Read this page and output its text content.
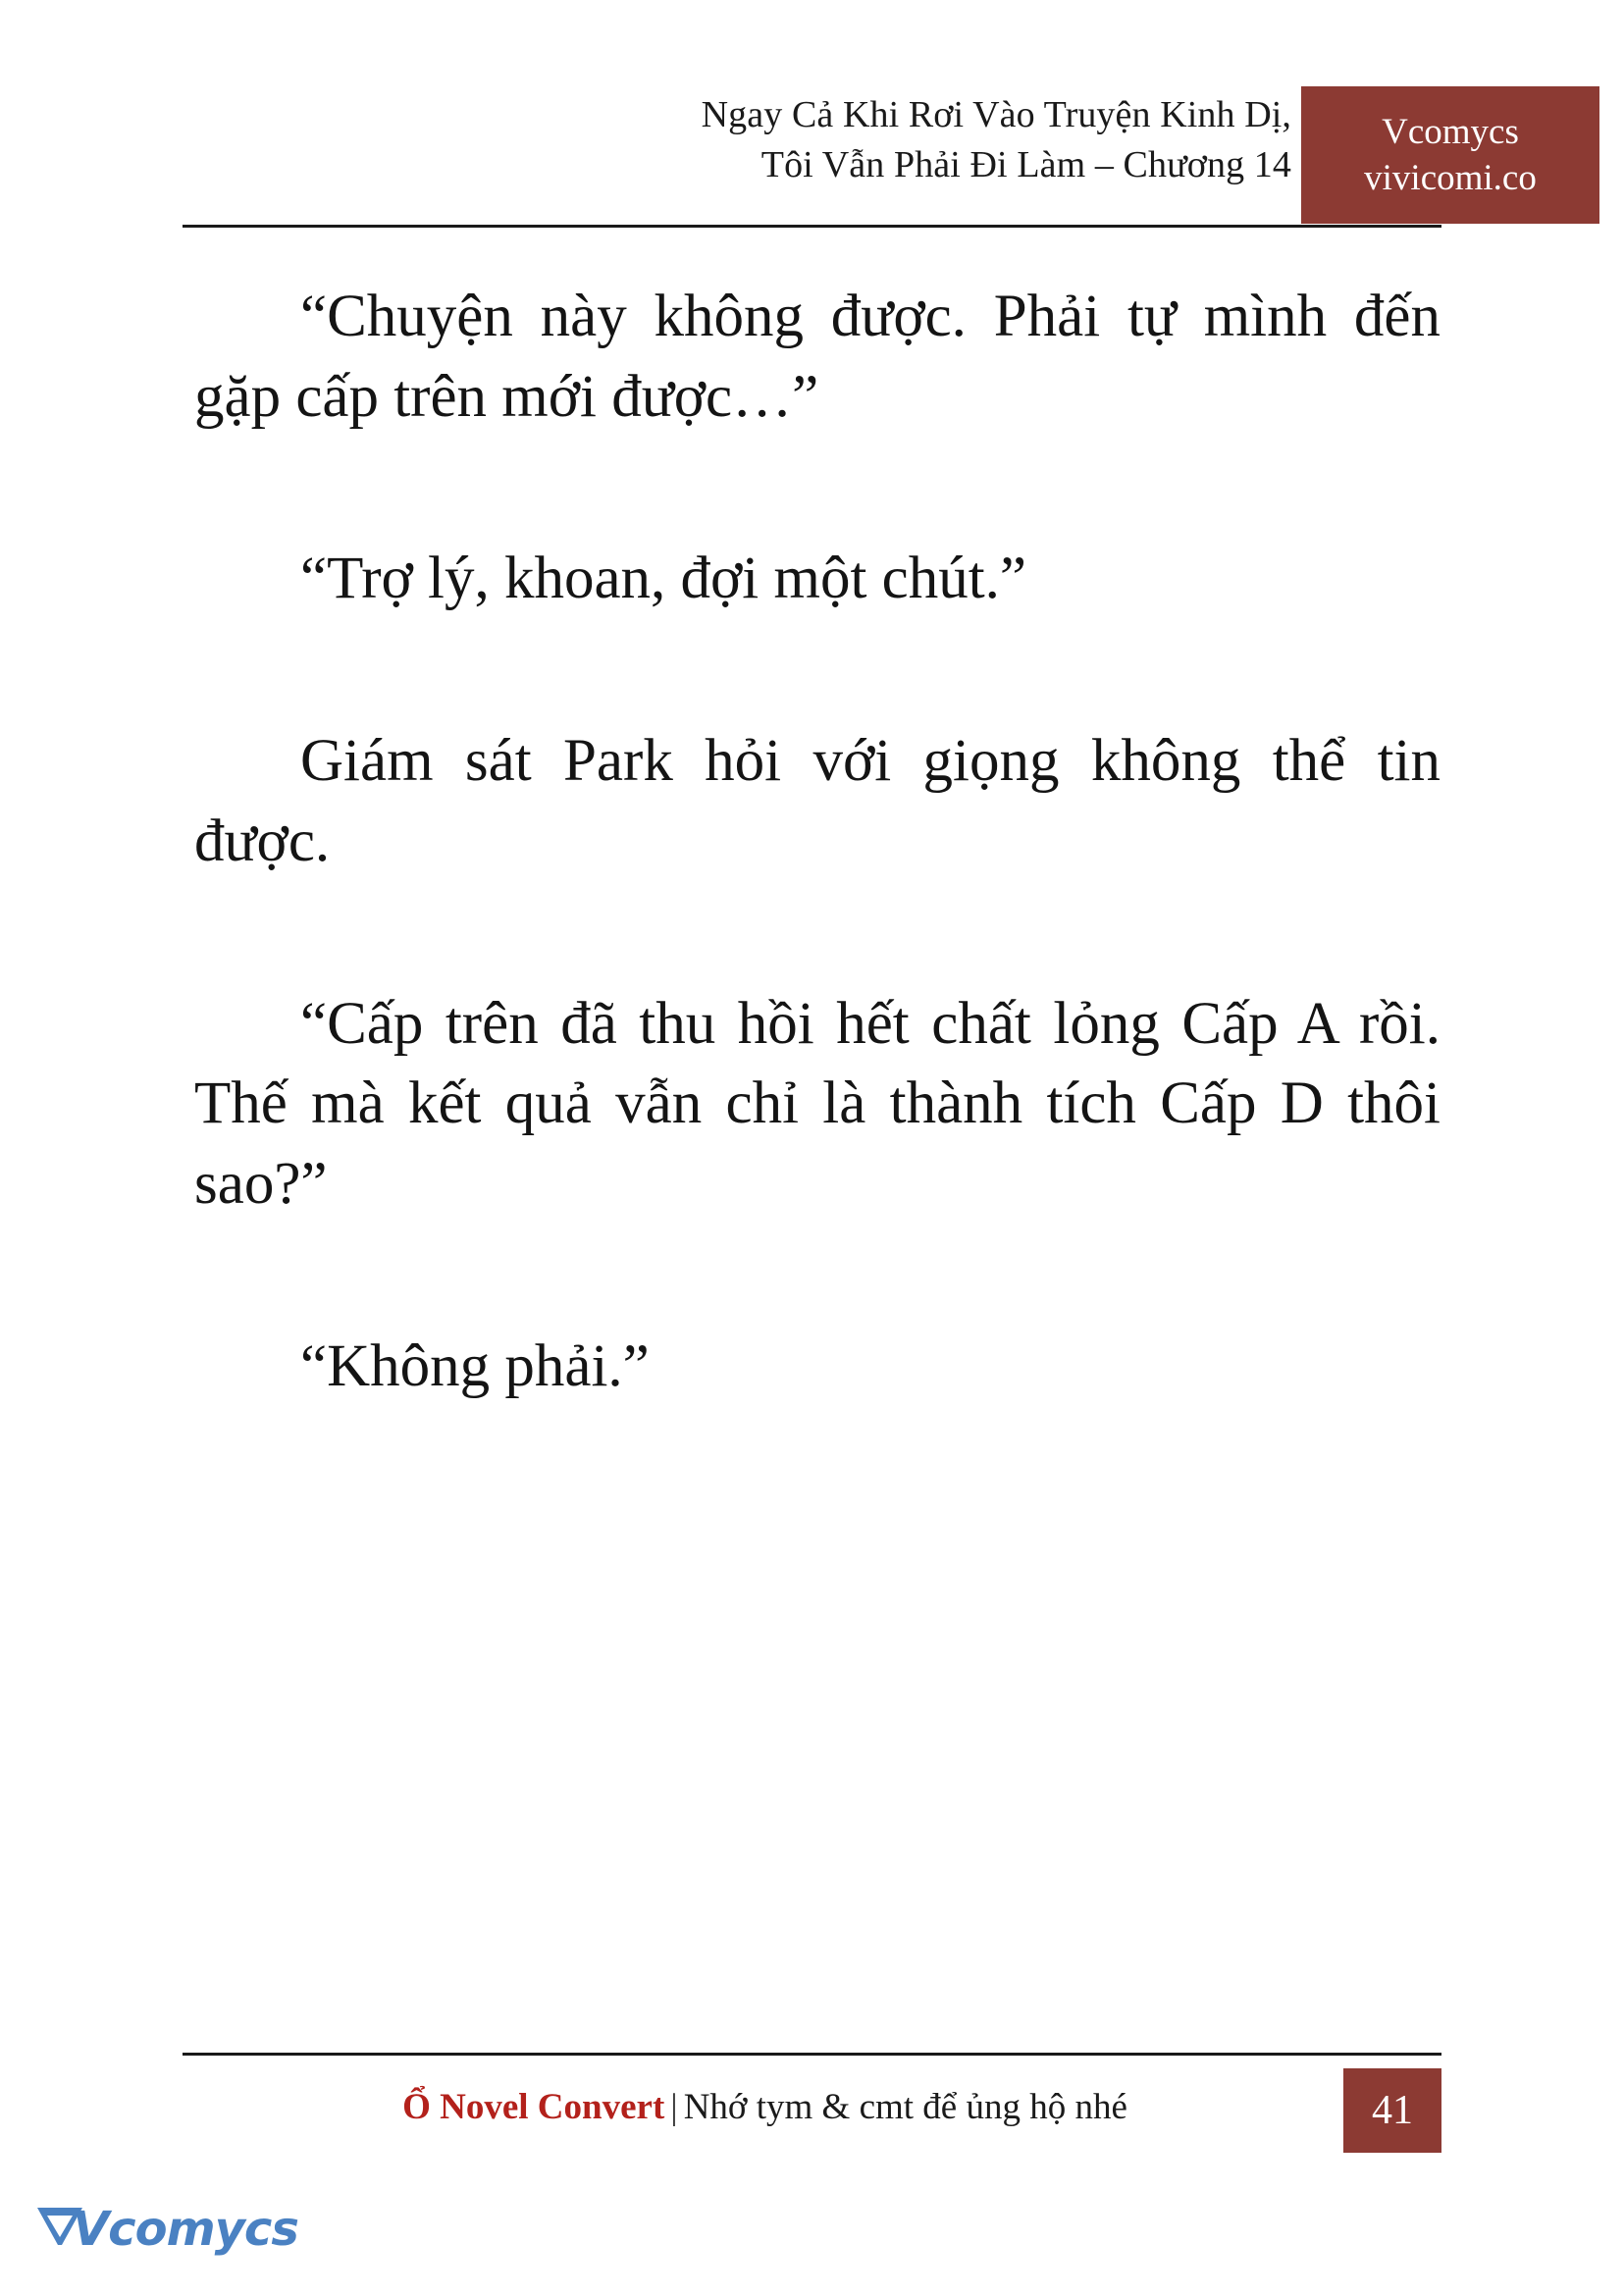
Ngay Cả Khi Rơi Vào Truyện Kinh Dị,
Tôi Vẫn Phải Đi Làm – Chương 14
Vcomycs
vivicomi.co

“Chuyện này không được. Phải tự mình đến gặp cấp trên mới được…”

“Trợ lý, khoan, đợi một chút.”

Giám sát Park hỏi với giọng không thể tin được.

“Cấp trên đã thu hồi hết chất lỏng Cấp A rồi. Thế mà kết quả vẫn chỉ là thành tích Cấp D thôi sao?”

“Không phải.”

Ổ Novel Convert | Nhớ tym & cmt để ủng hộ nhé	41
Vcomycs
